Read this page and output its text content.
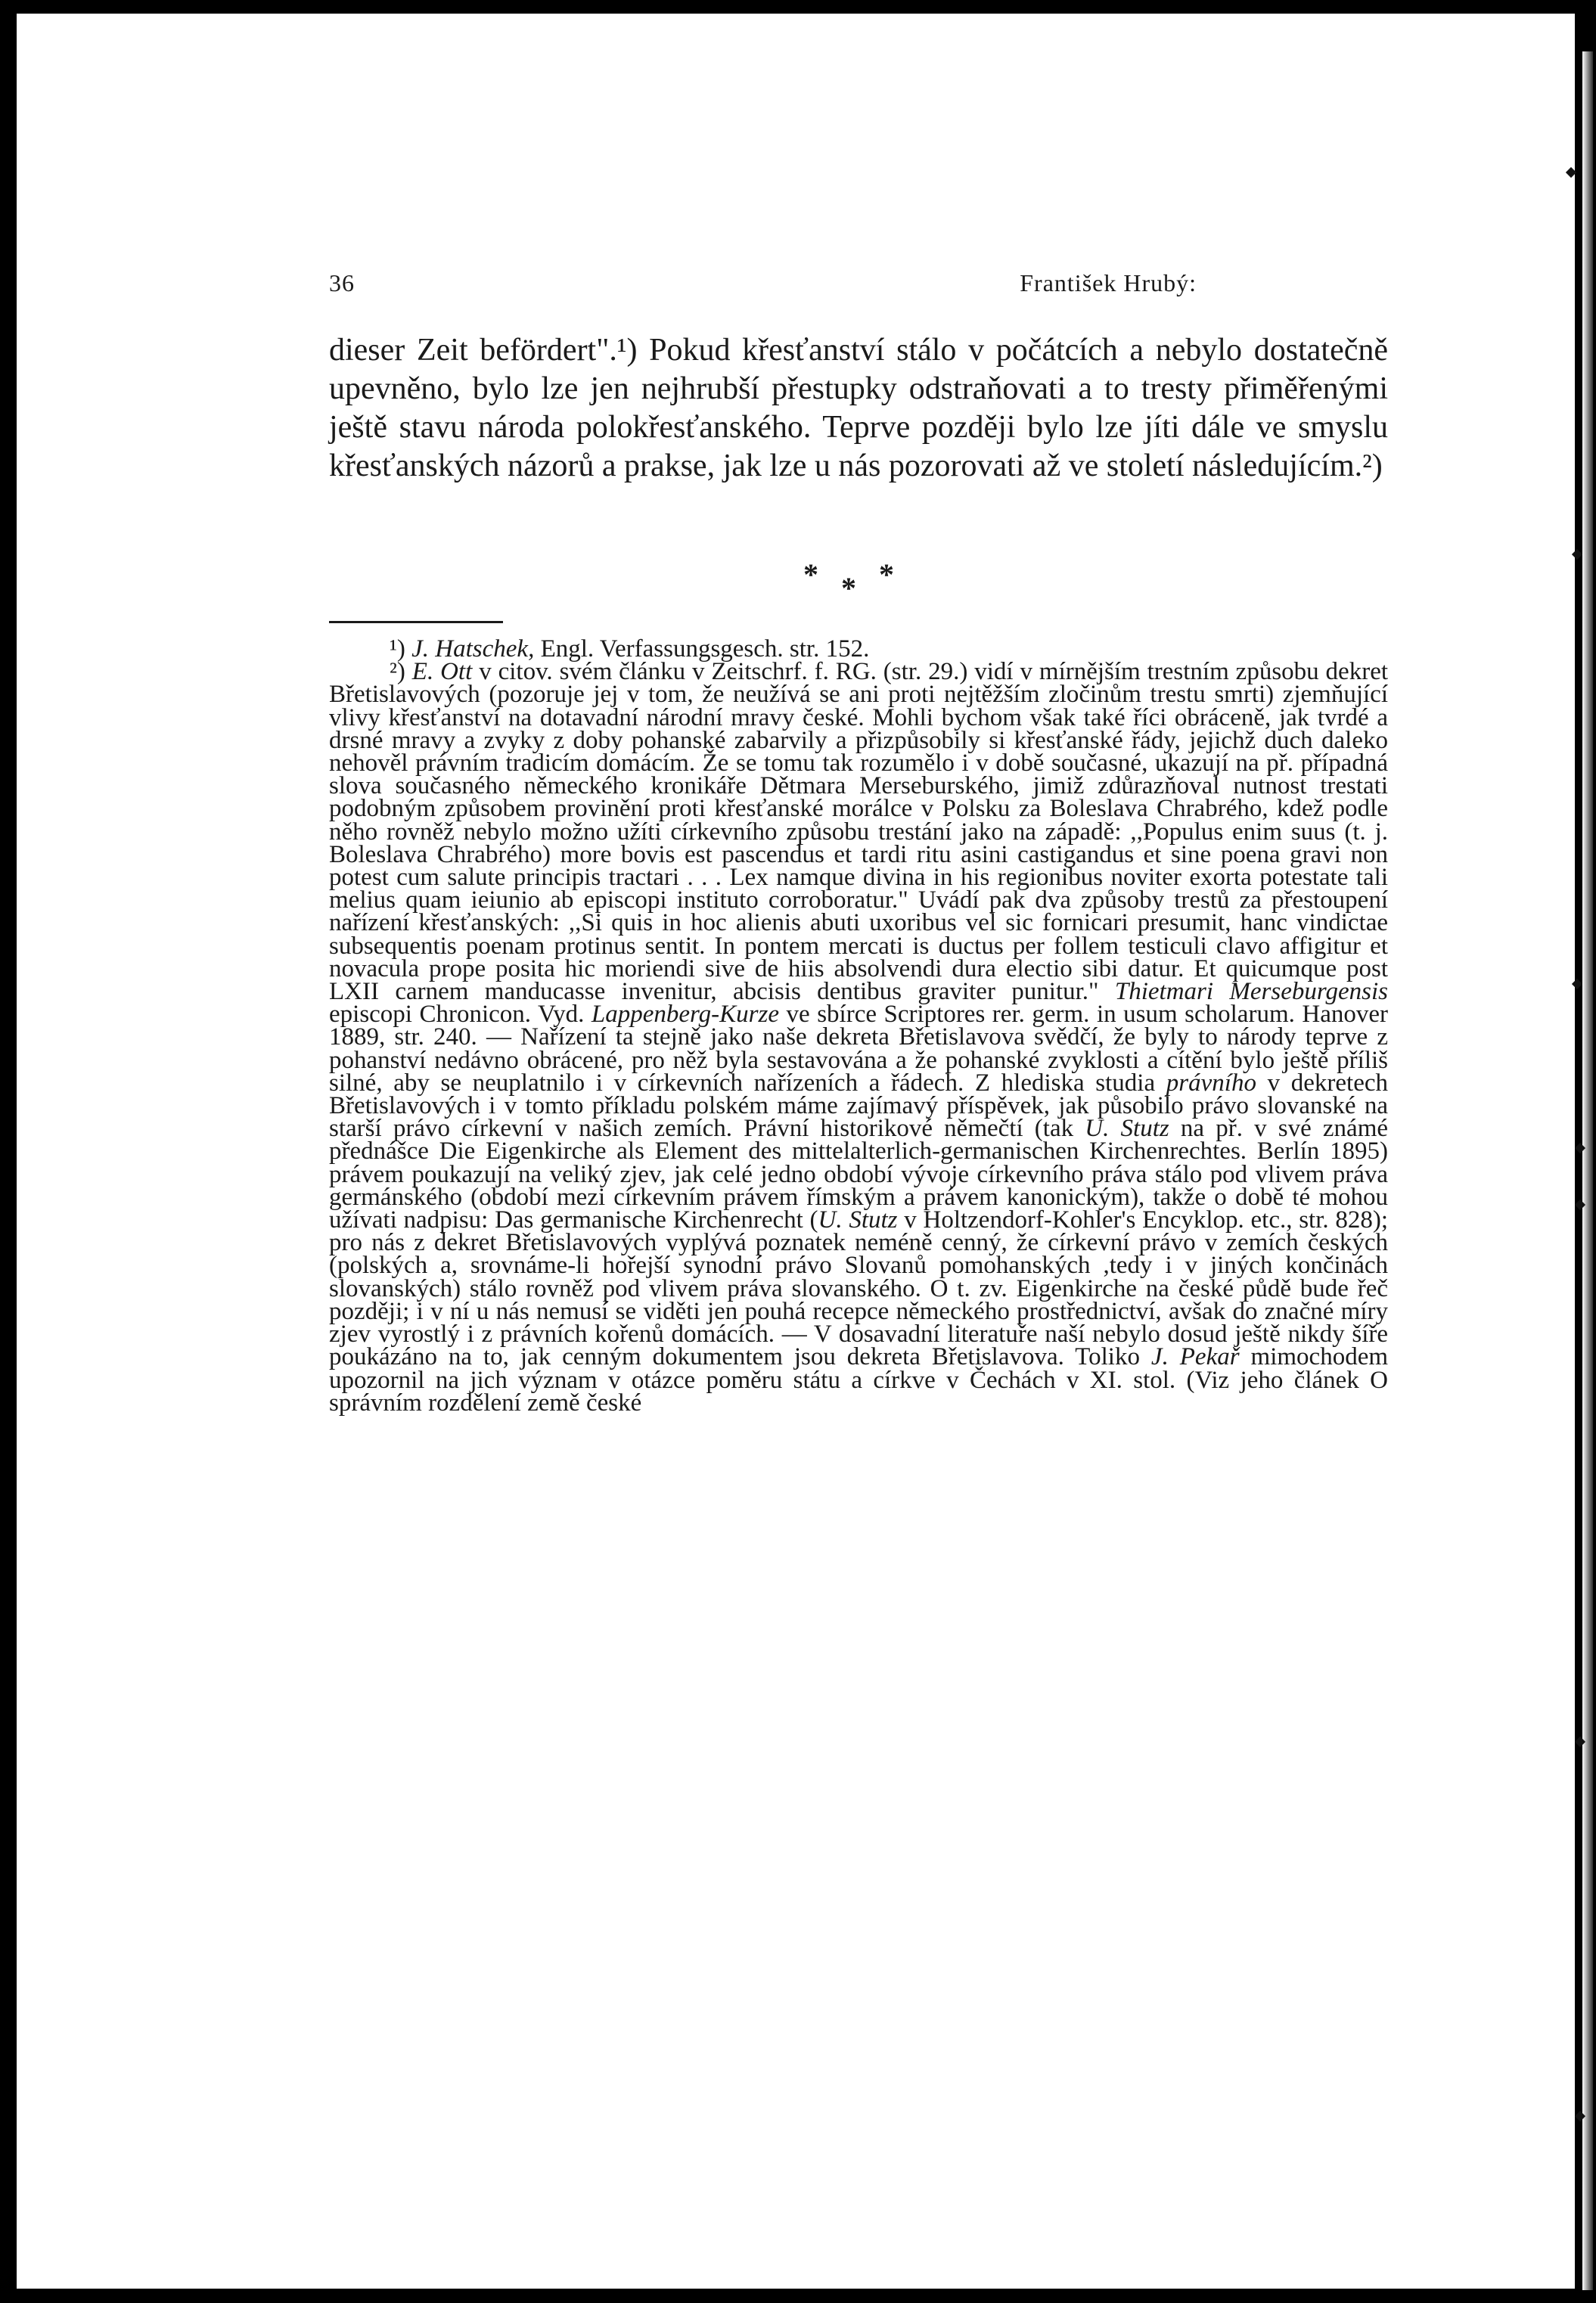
36	František Hrubý:

dieser Zeit befördert".¹) Pokud křesťanství stálo v počátcích a nebylo dostatečně upevněno, bylo lze jen nejhrubší přestupky odstraňovati a to tresty přiměřenými ještě stavu národa polokřesťanského. Teprve později bylo lze jíti dále ve smyslu křesťanských názorů a prakse, jak lze u nás pozorovati až ve století následujícím.²)

* * *

¹) J. Hatschek, Engl. Verfassungsgesch. str. 152.

²) E. Ott v citov. svém článku v Zeitschrf. f. RG. (str. 29.) vidí v mírnějším trestním způsobu dekret Břetislavových (pozoruje jej v tom, že neužívá se ani proti nejtěžším zločinům trestu smrti) zjemňující vlivy křesťanství na dotavadní národní mravy české. Mohli bychom však také říci obráceně, jak tvrdé a drsné mravy a zvyky z doby pohanské zabarvily a přizpůsobily si křesťanské řády, jejichž duch daleko nehověl právním tradicím domácím. Že se tomu tak rozumělo i v době současné, ukazují na př. případná slova současného německého kronikáře Dětmara Merseburského, jimiž zdůrazňoval nutnost trestati podobným způsobem provinění proti křesťanské morálce v Polsku za Boleslava Chrabrého, kdež podle něho rovněž nebylo možno užíti církevního způsobu trestání jako na západě: ,,Populus enim suus (t. j. Boleslava Chrabrého) more bovis est pascendus et tardi ritu asini castigandus et sine poena gravi non potest cum salute principis tractari . . . Lex namque divina in his regionibus noviter exorta potestate tali melius quam ieiunio ab episcopi instituto corroboratur." Uvádí pak dva způsoby trestů za přestoupení nařízení křesťanských: ,,Si quis in hoc alienis abuti uxoribus vel sic fornicari presumit, hanc vindictae subsequentis poenam protinus sentit. In pontem mercati is ductus per follem testiculi clavo affigitur et novacula prope posita hic moriendi sive de hiis absolvendi dura electio sibi datur. Et quicumque post LXII carnem manducasse invenitur, abcisis dentibus graviter punitur." Thietmari Merseburgensis episcopi Chronicon. Vyd. Lappenberg-Kurze ve sbírce Scriptores rer. germ. in usum scholarum. Hanover 1889, str. 240. — Nařízení ta stejně jako naše dekreta Břetislavova svědčí, že byly to národy teprve z pohanství nedávno obrácené, pro něž byla sestavována a že pohanské zvyklosti a cítění bylo ještě příliš silné, aby se neuplatnilo i v církevních nařízeních a řádech. Z hlediska studia právního v dekretech Břetislavových i v tomto příkladu polském máme zajímavý příspěvek, jak působilo právo slovanské na starší právo církevní v našich zemích. Právní historikové němečtí (tak U. Stutz na př. v své známé přednášce Die Eigenkirche als Element des mittelalterlich-germanischen Kirchenrechtes. Berlín 1895) právem poukazují na veliký zjev, jak celé jedno období vývoje církevního práva stálo pod vlivem práva germánského (období mezi církevním právem římským a právem kanonickým), takže o době té mohou užívati nadpisu: Das germanische Kirchenrecht (U. Stutz v Holtzendorf-Kohler's Encyklop. etc., str. 828); pro nás z dekret Břetislavových vyplývá poznatek neméně cenný, že církevní právo v zemích českých (polských a, srovnáme-li hořejší synodní právo Slovanů pomohanských ,tedy i v jiných končinách slovanských) stálo rovněž pod vlivem práva slovanského. O t. zv. Eigenkirche na české půdě bude řeč později; i v ní u nás nemusí se viděti jen pouhá recepce německého prostřednictví, avšak do značné míry zjev vyrostlý i z právních kořenů domácích. — V dosavadní literatuře naší nebylo dosud ještě nikdy šíře poukázáno na to, jak cenným dokumentem jsou dekreta Břetislavova. Toliko J. Pekař mimochodem upozornil na jich význam v otázce poměru státu a církve v Čechách v XI. stol. (Viz jeho článek O správním rozdělení země české
